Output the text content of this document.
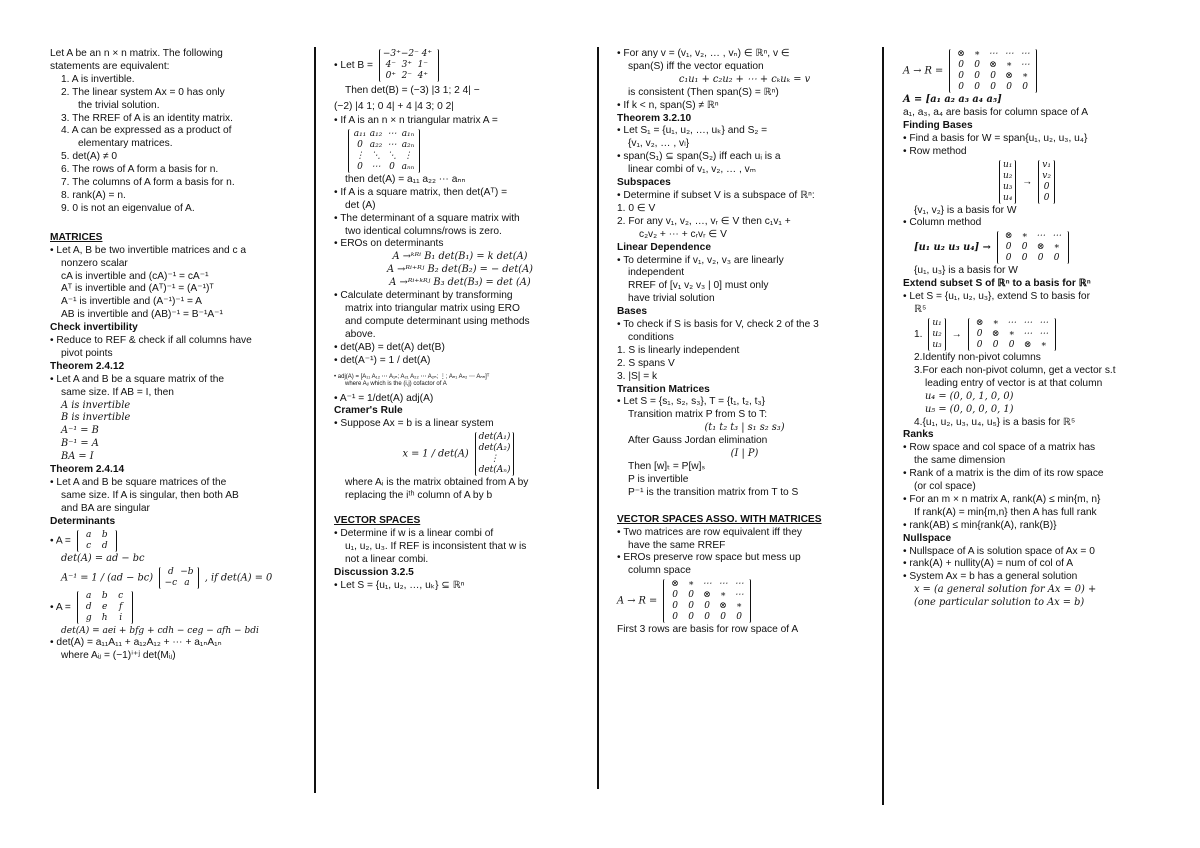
Let A be an n × n matrix. The following
statements are equivalent:
1. A is invertible.
2. The linear system Ax = 0 has only
the trivial solution.
3. The RREF of A is an identity matrix.
4. A can be expressed as a product of
elementary matrices.
5. det(A) ≠ 0
6. The rows of A form a basis for n.
7. The columns of A form a basis for n.
8. rank(A) = n.
9. 0 is not an eigenvalue of A.
MATRICES
• Let A, B be two invertible matrices and c a
nonzero scalar
cA is invertible and (cA)⁻¹ = cA⁻¹
Aᵀ is invertible and (Aᵀ)⁻¹ = (A⁻¹)ᵀ
A⁻¹ is invertible and (A⁻¹)⁻¹ = A
AB is invertible and (AB)⁻¹ = B⁻¹A⁻¹
Check invertibility
• Reduce to REF & check if all columns have
pivot points
Theorem 2.4.12
• Let A and B be a square matrix of the
same size. If AB = I, then
A is invertible
B is invertible
A⁻¹ = B
B⁻¹ = A
BA = I
Theorem 2.4.14
• Let A and B be square matrices of the
same size. If A is singular, then both AB
and BA are singular
Determinants
• A =
a b
c d
det(A) = ad − bc
A⁻¹ = 1 / (ad − bc)
d −b
−c a	, if det(A) = 0
• A =
a b c
d e f
g h i
det(A) = aei + bfg + cdh − ceg − afh − bdi
• det(A) = a₁₁A₁₁ + a₁₂A₁₂ + ⋯ + a₁ₙA₁ₙ
where Aᵢⱼ = (−1)ⁱ⁺ʲ det(Mᵢⱼ)
• Let B =
−3⁺−2⁻ 4⁺
4⁻ 3⁺ 1⁻
0⁺ 2⁻ 4⁺
Then det(B) = (−3) |3 1; 2 4| −
(−2) |4 1; 0 4| + 4 |4 3; 0 2|
• If A is an n × n triangular matrix A =
a₁₁ a₁₂ ⋯ a₁ₙ
0 a₂₂ ⋯ a₂ₙ
⋮ ⋱ ⋱ ⋮
0 ⋯ 0 aₙₙ
then det(A) = a₁₁ a₂₂ ⋯ aₙₙ
• If A is a square matrix, then det(Aᵀ) =
det (A)
• The determinant of a square matrix with
two identical columns/rows is zero.
• EROs on determinants
A →ᵏᴿⁱ B₁ det(B₁) = k det(A)
A →ᴿⁱ⁺ᴿʲ B₂ det(B₂) = − det(A)
A →ᴿⁱ⁺ᵏᴿʲ B₃ det(B₃) = det (A)
• Calculate determinant by transforming
matrix into triangular matrix using ERO
and compute determinant using methods
above.
• det(AB) = det(A) det(B)
• det(A⁻¹) = 1 / det(A)
• adj(A) = [A₁₁ A₁₂ ⋯ A₁ₙ; A₂₁ A₂₂ ⋯ A₂ₙ; ⋮; Aₙ₁ Aₙ₂ ⋯ Aₙₙ]ᵀ
where Aᵢⱼ which is the (i,j) cofactor of A
• A⁻¹ = 1/det(A) adj(A)
Cramer's Rule
• Suppose Ax = b is a linear system
x = 1 / det(A)
det(A₁)
det(A₂)
⋮
det(Aₙ)
where Aᵢ is the matrix obtained from A by
replacing the iᵗʰ column of A by b
VECTOR SPACES
• Determine if w is a linear combi of
u₁, u₂, u₃. If REF is inconsistent that w is
not a linear combi.
Discussion 3.2.5
• Let S = {u₁, u₂, …, uₖ} ⊆ ℝⁿ
• For any v = (v₁, v₂, … , vₙ) ∈ ℝⁿ, v ∈
span(S) iff the vector equation
c₁u₁ + c₂u₂ + ⋯ + cₖuₖ = v
is consistent (Then span(S) = ℝⁿ)
• If k < n, span(S) ≠ ℝⁿ
Theorem 3.2.10
• Let S₁ = {u₁, u₂, …, uₖ} and S₂ =
{v₁, v₂, … , vₗ}
• span(S₁) ⊆ span(S₂) iff each uᵢ is a
linear combi of v₁, v₂, … , vₘ
Subspaces
• Determine if subset V is a subspace of ℝⁿ:
1. 0 ∈ V
2. For any v₁, v₂, …, vᵣ ∈ V then c₁v₁ +
c₂v₂ + ⋯ + cᵣvᵣ ∈ V
Linear Dependence
• To determine if v₁, v₂, v₃ are linearly
independent
RREF of [v₁ v₂ v₃ | 0] must only
have trivial solution
Bases
• To check if S is basis for V, check 2 of the 3
conditions
1. S is linearly independent
2. S spans V
3. |S| = k
Transition Matrices
• Let S = {s₁, s₂, s₃}, T = {t₁, t₂, t₃}
Transition matrix P from S to T:
(t₁ t₂ t₃ | s₁ s₂ s₃)
After Gauss Jordan elimination
(I | P)
Then [w]ₜ = P[w]ₛ
P is invertible
P⁻¹ is the transition matrix from T to S
VECTOR SPACES ASSO. WITH MATRICES
• Two matrices are row equivalent iff they
have the same RREF
• EROs preserve row space but mess up
column space
A → R =
⊗ ∗ ⋯ ⋯ ⋯
0 0 ⊗ ∗ ⋯
0 0 0 ⊗ ∗
0 0 0 0 0
First 3 rows are basis for row space of A
A → R =
⊗ ∗ ⋯ ⋯ ⋯
0 0 ⊗ ∗ ⋯
0 0 0 ⊗ ∗
0 0 0 0 0
A = [a₁ a₂ a₃ a₄ a₅]
a₁, a₃, a₄ are basis for column space of A
Finding Bases
• Find a basis for W = span{u₁, u₂, u₃, u₄}
• Row method
u₁
u₂
u₃
u₄
→
v₁
v₂
0
0
{v₁, v₂} is a basis for W
• Column method
[u₁ u₂ u₃ u₄] →
⊗ ∗ ⋯ ⋯
0 0 ⊗ ∗
0 0 0 0
{u₁, u₃} is a basis for W
Extend subset S of ℝⁿ to a basis for ℝⁿ
• Let S = {u₁, u₂, u₃}, extend S to basis for
ℝ⁵
1.
u₁
u₂
u₃
→
⊗ ∗ ⋯ ⋯ ⋯
0 ⊗ ∗ ⋯ ⋯
0 0 0 ⊗ ∗
2.Identify non-pivot columns
3.For each non-pivot column, get a vector s.t
leading entry of vector is at that column
u₄ = (0, 0, 1, 0, 0)
u₅ = (0, 0, 0, 0, 1)
4.{u₁, u₂, u₃, u₄, u₅} is a basis for ℝ⁵
Ranks
• Row space and col space of a matrix has
the same dimension
• Rank of a matrix is the dim of its row space
(or col space)
• For an m × n matrix A, rank(A) ≤ min{m, n}
If rank(A) = min{m,n} then A has full rank
• rank(AB) ≤ min{rank(A), rank(B)}
Nullspace
• Nullspace of A is solution space of Ax = 0
• rank(A) + nullity(A) = num of col of A
• System Ax = b has a general solution
x = (a general solution for Ax = 0) +
(one particular solution to Ax = b)
